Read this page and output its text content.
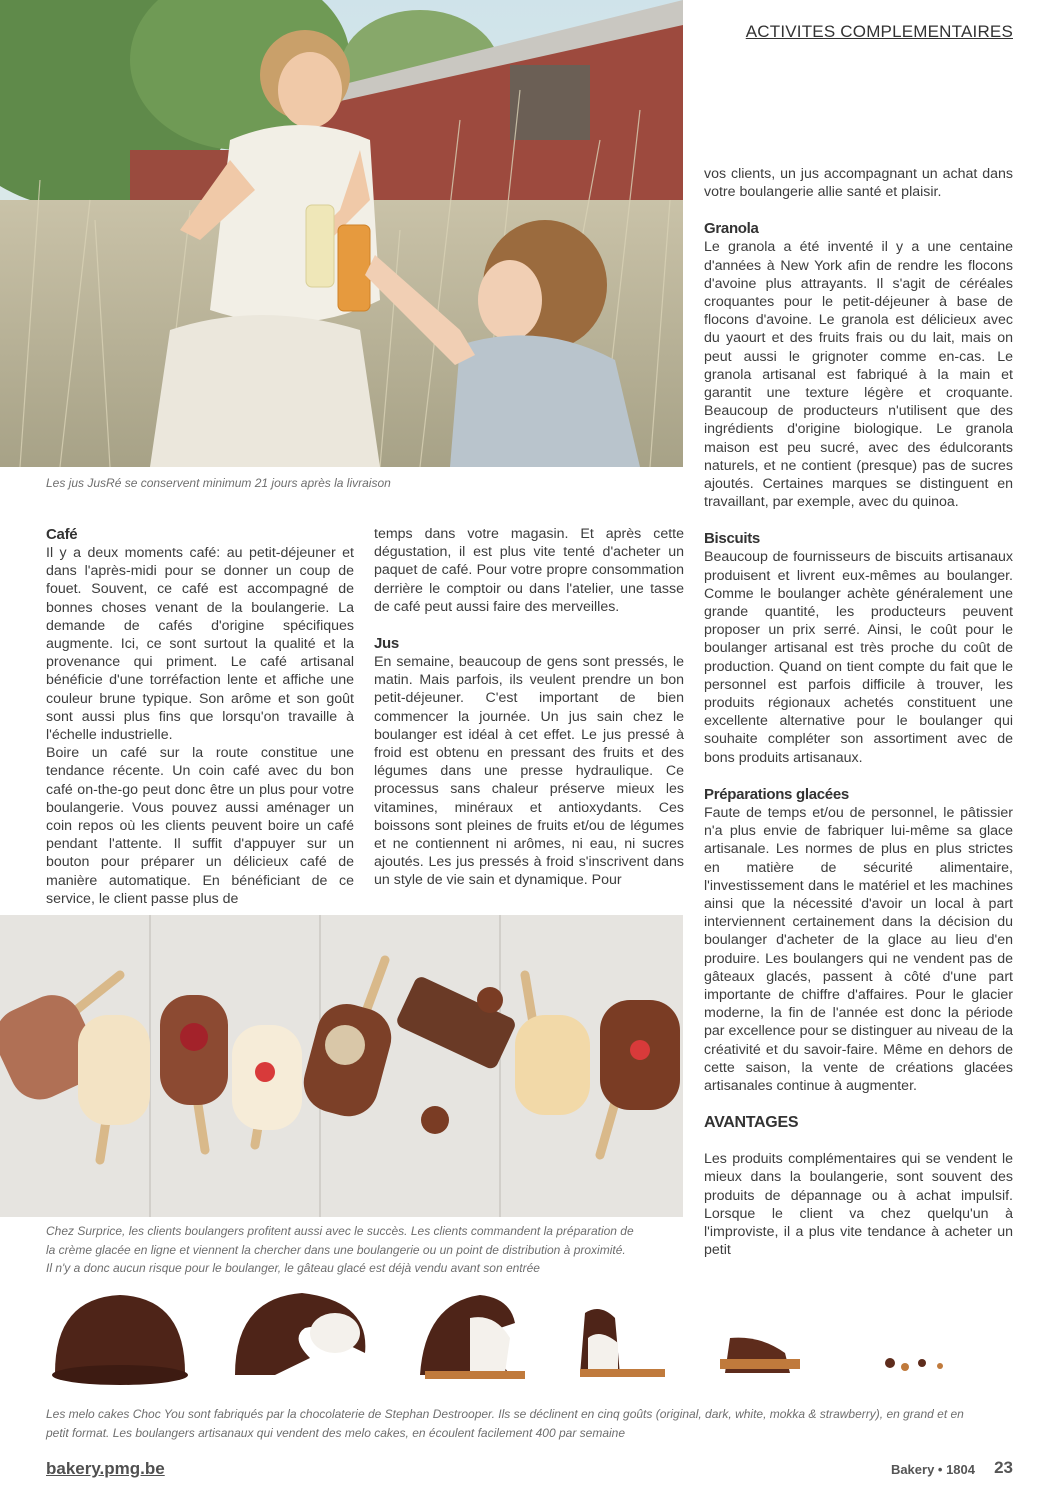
ACTIVITES COMPLEMENTAIRES
Les jus JusRé se conservent minimum 21 jours après la livraison
Café

Il y a deux moments café: au petit-déjeuner et dans l'après-midi pour se donner un coup de fouet. Souvent, ce café est accompagné de bonnes choses venant de la boulangerie. La demande de cafés d'origine spécifiques augmente. Ici, ce sont surtout la qualité et la provenance qui priment. Le café artisanal bénéficie d'une torréfaction lente et affiche une couleur brune typique. Son arôme et son goût sont aussi plus fins que lorsqu'on travaille à l'échelle industrielle.

Boire un café sur la route constitue une tendance récente. Un coin café avec du bon café on-the-go peut donc être un plus pour votre boulangerie. Vous pouvez aussi aménager un coin repos où les clients peuvent boire un café pendant l'attente. Il suffit d'appuyer sur un bouton pour préparer un délicieux café de manière automatique. En bénéficiant de ce service, le client passe plus de

temps dans votre magasin. Et après cette dégustation, il est plus vite tenté d'acheter un paquet de café. Pour votre propre consommation derrière le comptoir ou dans l'atelier, une tasse de café peut aussi faire des merveilles.

Jus

En semaine, beaucoup de gens sont pressés, le matin. Mais parfois, ils veulent prendre un bon petit-déjeuner. C'est important de bien commencer la journée. Un jus sain chez le boulanger est idéal à cet effet. Le jus pressé à froid est obtenu en pressant des fruits et des légumes dans une presse hydraulique. Ce processus sans chaleur préserve mieux les vitamines, minéraux et antioxydants. Ces boissons sont pleines de fruits et/ou de légumes et ne contiennent ni arômes, ni eau, ni sucres ajoutés. Les jus pressés à froid s'inscrivent dans un style de vie sain et dynamique. Pour

vos clients, un jus accompagnant un achat dans votre boulangerie allie santé et plaisir.

Granola

Le granola a été inventé il y a une centaine d'années à New York afin de rendre les flocons d'avoine plus attrayants. Il s'agit de céréales croquantes pour le petit-déjeuner à base de flocons d'avoine. Le granola est délicieux avec du yaourt et des fruits frais ou du lait, mais on peut aussi le grignoter comme en-cas. Le granola artisanal est fabriqué à la main et garantit une texture légère et croquante. Beaucoup de producteurs n'utilisent que des ingrédients d'origine biologique. Le granola maison est peu sucré, avec des édulcorants naturels, et ne contient (presque) pas de sucres ajoutés. Certaines marques se distinguent en travaillant, par exemple, avec du quinoa.

Biscuits

Beaucoup de fournisseurs de biscuits artisanaux produisent et livrent eux-mêmes au boulanger. Comme le boulanger achète généralement une grande quantité, les producteurs peuvent proposer un prix serré. Ainsi, le coût pour le boulanger artisanal est très proche du coût de production. Quand on tient compte du fait que le personnel est parfois difficile à trouver, les produits régionaux achetés constituent une excellente alternative pour le boulanger qui souhaite compléter son assortiment avec de bons produits artisanaux.

Préparations glacées

Faute de temps et/ou de personnel, le pâtissier n'a plus envie de fabriquer lui-même sa glace artisanale. Les normes de plus en plus strictes en matière de sécurité alimentaire, l'investissement dans le matériel et les machines ainsi que la nécessité d'avoir un local à part interviennent certainement dans la décision du boulanger d'acheter de la glace au lieu d'en produire. Les boulangers qui ne vendent pas de gâteaux glacés, passent à côté d'une part importante de chiffre d'affaires. Pour le glacier moderne, la fin de l'année est donc la période par excellence pour se distinguer au niveau de la créativité et du savoir-faire. Même en dehors de cette saison, la vente de créations glacées artisanales continue à augmenter.

AVANTAGES

Les produits complémentaires qui se vendent le mieux dans la boulangerie, sont souvent des produits de dépannage ou à achat impulsif. Lorsque le client va chez quelqu'un à l'improviste, il a plus vite tendance à acheter un petit

Chez Surprice, les clients boulangers profitent aussi avec le succès. Les clients commandent la préparation de
la crème glacée en ligne et viennent la chercher dans une boulangerie ou un point de distribution à proximité.
Il n'y a donc aucun risque pour le boulanger, le gâteau glacé est déjà vendu avant son entrée
Les melo cakes Choc You sont fabriqués par la chocolaterie de Stephan Destrooper. Ils se déclinent en cinq goûts (original, dark, white, mokka & strawberry), en grand et en
petit format. Les boulangers artisanaux qui vendent des melo cakes, en écoulent facilement 400 par semaine
bakery.pmg.be	Bakery • 1804 23
